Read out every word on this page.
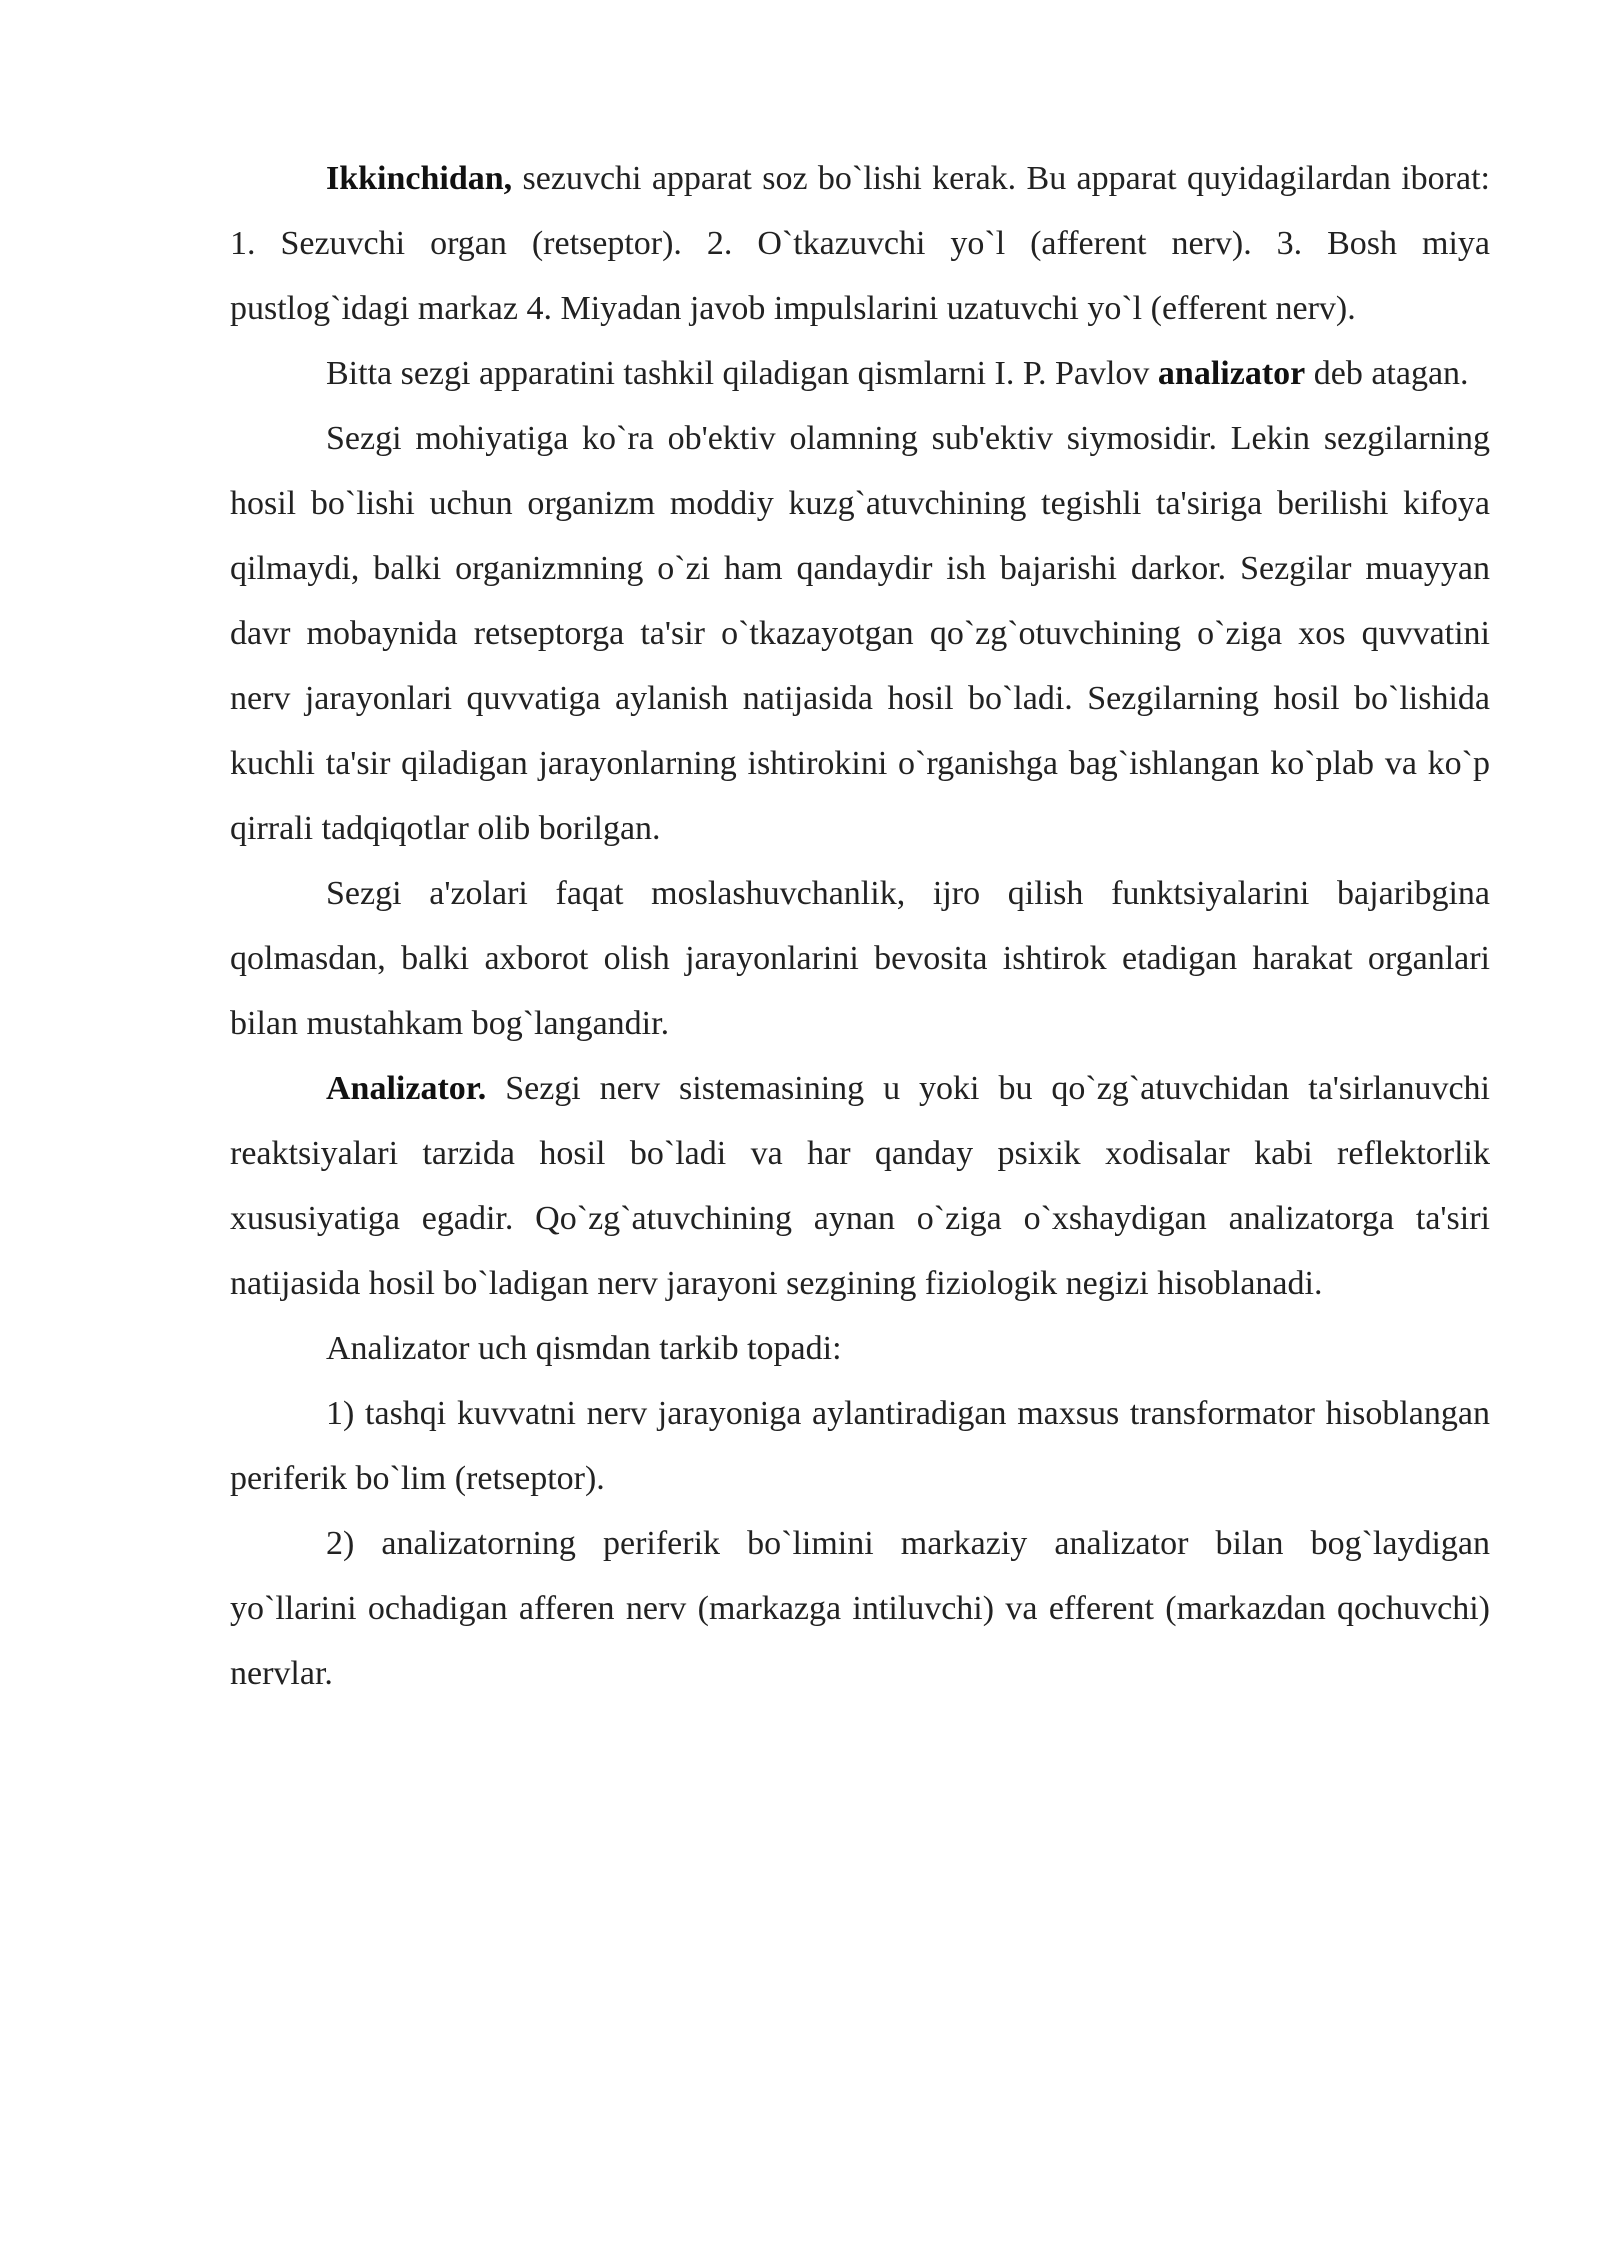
Ikkinchidan, sezuvchi apparat soz bo`lishi kerak. Bu apparat quyidagilardan iborat: 1. Sezuvchi organ (retseptor). 2. O`tkazuvchi yo`l (afferent nerv). 3. Bosh miya pustlog`idagi markaz 4. Miyadan javob impulslarini uzatuvchi yo`l (efferent nerv).

Bitta sezgi apparatini tashkil qiladigan qismlarni I. P. Pavlov analizator deb atagan.

Sezgi mohiyatiga ko`ra ob'ektiv olamning sub'ektiv siymosidir. Lekin sezgilarning hosil bo`lishi uchun organizm moddiy kuzg`atuvchining tegishli ta'siriga berilishi kifoya qilmaydi, balki organizmning o`zi ham qandaydir ish bajarishi darkor. Sezgilar muayyan davr mobaynida retseptorga ta'sir o`tkazayotgan qo`zg`otuvchining o`ziga xos quvvatini nerv jarayonlari quvvatiga aylanish natijasida hosil bo`ladi. Sezgilarning hosil bo`lishida kuchli ta'sir qiladigan jarayonlarning ishtirokini o`rganishga bag`ishlangan ko`plab va ko`p qirrali tadqiqotlar olib borilgan.

Sezgi a'zolari faqat moslashuvchanlik, ijro qilish funktsiyalarini bajaribgina qolmasdan, balki axborot olish jarayonlarini bevosita ishtirok etadigan harakat organlari bilan mustahkam bog`langandir.

Analizator. Sezgi nerv sistemasining u yoki bu qo`zg`atuvchidan ta'sirlanuvchi reaktsiyalari tarzida hosil bo`ladi va har qanday psixik xodisalar kabi reflektorlik xususiyatiga egadir. Qo`zg`atuvchining aynan o`ziga o`xshaydigan analizatorga ta'siri natijasida hosil bo`ladigan nerv jarayoni sezgining fiziologik negizi hisoblanadi.

Analizator uch qismdan tarkib topadi:

1) tashqi kuvvatni nerv jarayoniga aylantiradigan maxsus transformator hisoblangan periferik bo`lim (retseptor).

2) analizatorning periferik bo`limini markaziy analizator bilan bog`laydigan yo`llarini ochadigan afferen nerv (markazga intiluvchi) va efferent (markazdan qochuvchi) nervlar.
